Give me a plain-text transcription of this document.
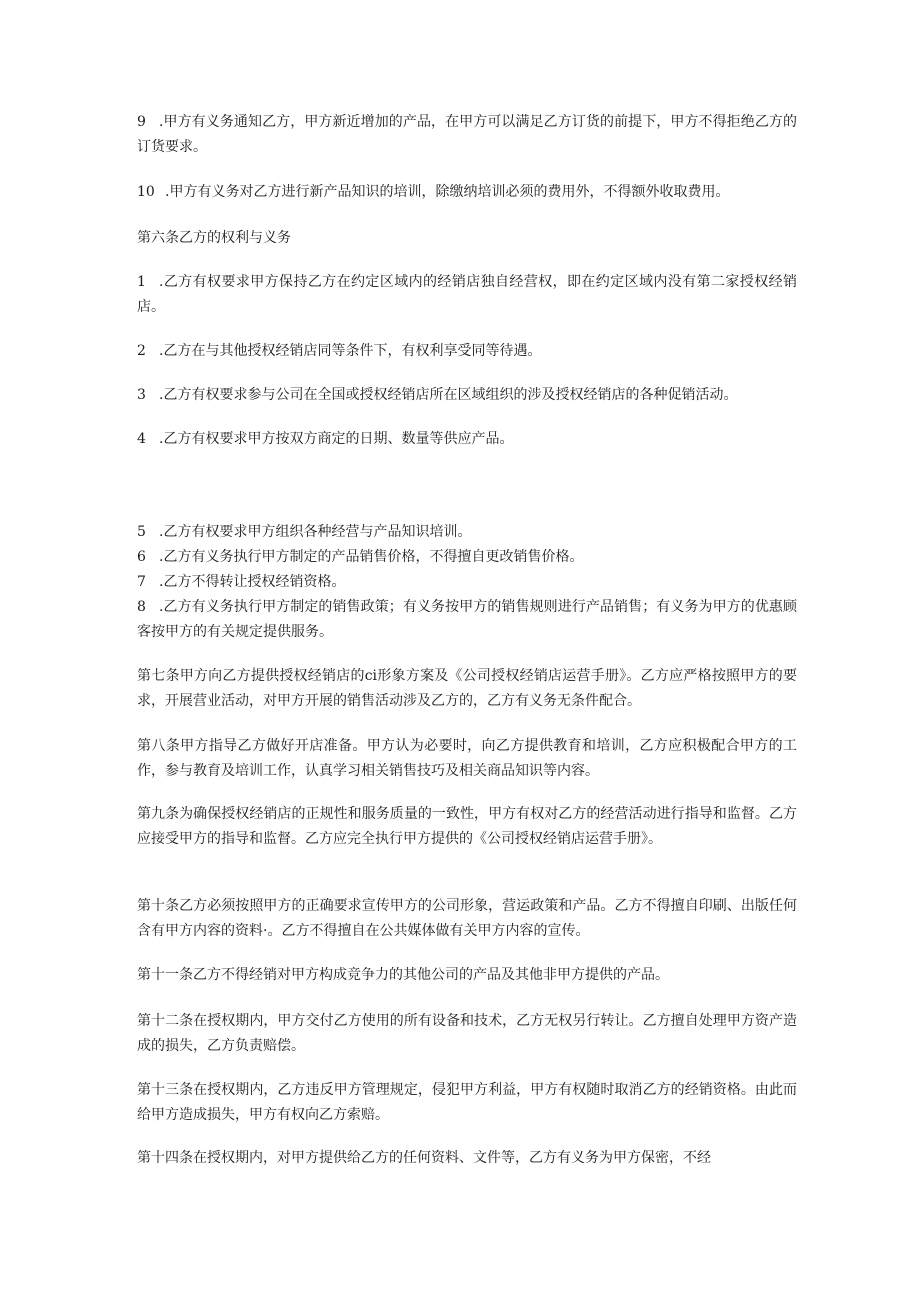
9 .甲方有义务通知乙方，甲方新近增加的产品，在甲方可以满足乙方订货的前提下，甲方不得拒绝乙方的订货要求。

10 .甲方有义务对乙方进行新产品知识的培训，除缴纳培训必须的费用外，不得额外收取费用。

第六条乙方的权利与义务

1 .乙方有权要求甲方保持乙方在约定区域内的经销店独自经营权，即在约定区域内没有第二家授权经销店。

2 .乙方在与其他授权经销店同等条件下，有权利享受同等待遇。

3 .乙方有权要求参与公司在全国或授权经销店所在区域组织的涉及授权经销店的各种促销活动。

4 .乙方有权要求甲方按双方商定的日期、数量等供应产品。

5 .乙方有权要求甲方组织各种经营与产品知识培训。

6 .乙方有义务执行甲方制定的产品销售价格，不得擅自更改销售价格。

7 .乙方不得转让授权经销资格。

8 .乙方有义务执行甲方制定的销售政策；有义务按甲方的销售规则进行产品销售；有义务为甲方的优惠顾客按甲方的有关规定提供服务。

第七条甲方向乙方提供授权经销店的ci形象方案及《公司授权经销店运营手册》。乙方应严格按照甲方的要求，开展营业活动，对甲方开展的销售活动涉及乙方的，乙方有义务无条件配合。

第八条甲方指导乙方做好开店准备。甲方认为必要时，向乙方提供教育和培训，乙方应积极配合甲方的工作，参与教育及培训工作，认真学习相关销售技巧及相关商品知识等内容。

第九条为确保授权经销店的正规性和服务质量的一致性，甲方有权对乙方的经营活动进行指导和监督。乙方应接受甲方的指导和监督。乙方应完全执行甲方提供的《公司授权经销店运营手册》。

第十条乙方必须按照甲方的正确要求宣传甲方的公司形象，营运政策和产品。乙方不得擅自印刷、出版任何含有甲方内容的资料·。乙方不得擅自在公共媒体做有关甲方内容的宣传。

第十一条乙方不得经销对甲方构成竞争力的其他公司的产品及其他非甲方提供的产品。

第十二条在授权期内，甲方交付乙方使用的所有设备和技术，乙方无权另行转让。乙方擅自处理甲方资产造成的损失，乙方负责赔偿。

第十三条在授权期内，乙方违反甲方管理规定，侵犯甲方利益，甲方有权随时取消乙方的经销资格。由此而给甲方造成损失，甲方有权向乙方索赔。

第十四条在授权期内，对甲方提供给乙方的任何资料、文件等，乙方有义务为甲方保密，不经
